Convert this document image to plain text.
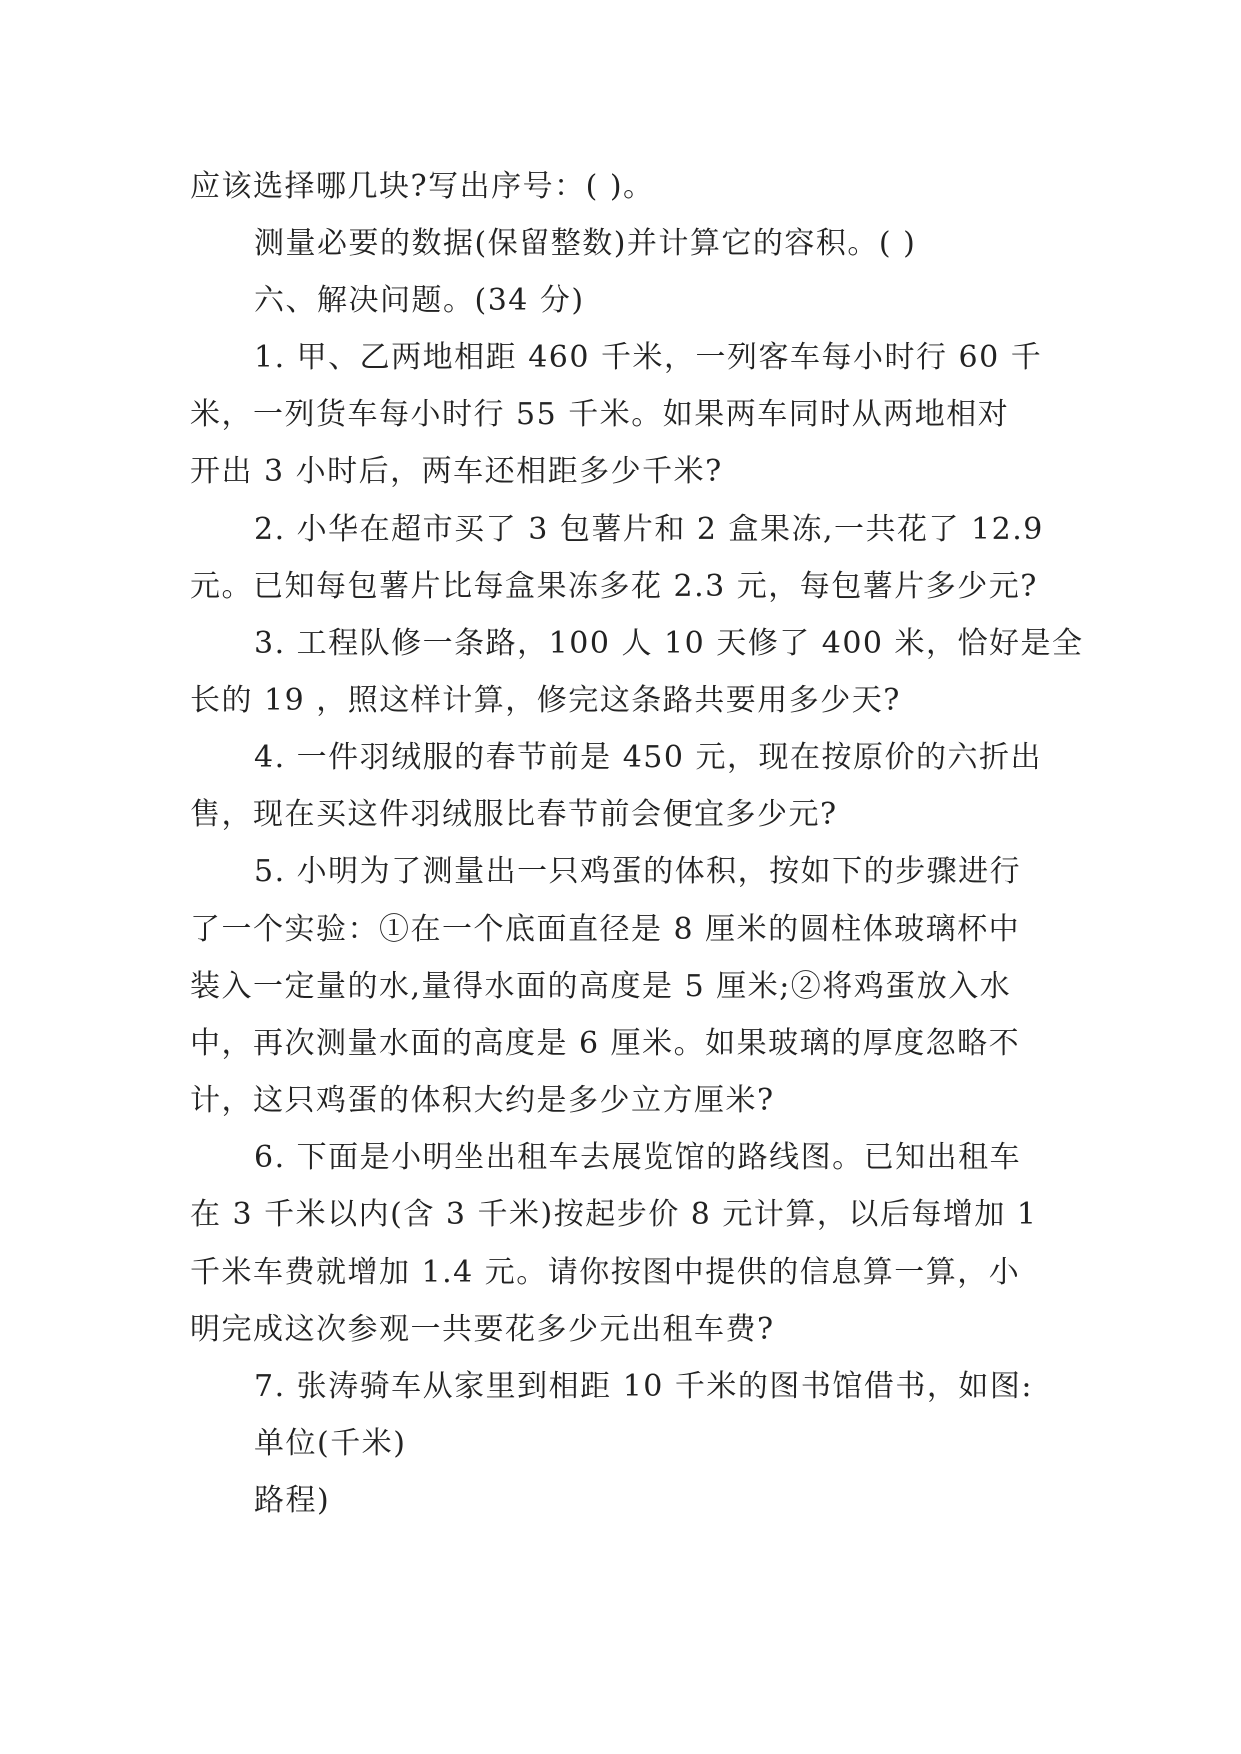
应该选择哪几块?写出序号：( )。
测量必要的数据(保留整数)并计算它的容积。( )
六、解决问题。(34 分)
1. 甲、乙两地相距 460 千米，一列客车每小时行 60 千
米，一列货车每小时行 55 千米。如果两车同时从两地相对
开出 3 小时后，两车还相距多少千米?
2. 小华在超市买了 3 包薯片和 2 盒果冻,一共花了 12.9
元。已知每包薯片比每盒果冻多花 2.3 元，每包薯片多少元?
3. 工程队修一条路，100 人 10 天修了 400 米，恰好是全
长的 19 ，照这样计算，修完这条路共要用多少天?
4. 一件羽绒服的春节前是 450 元，现在按原价的六折出
售，现在买这件羽绒服比春节前会便宜多少元?
5. 小明为了测量出一只鸡蛋的体积，按如下的步骤进行
了一个实验：①在一个底面直径是 8 厘米的圆柱体玻璃杯中
装入一定量的水,量得水面的高度是 5 厘米;②将鸡蛋放入水
中，再次测量水面的高度是 6 厘米。如果玻璃的厚度忽略不
计，这只鸡蛋的体积大约是多少立方厘米?
6. 下面是小明坐出租车去展览馆的路线图。已知出租车
在 3 千米以内(含 3 千米)按起步价 8 元计算，以后每增加 1
千米车费就增加 1.4 元。请你按图中提供的信息算一算，小
明完成这次参观一共要花多少元出租车费?
7. 张涛骑车从家里到相距 10 千米的图书馆借书，如图:
单位(千米)
路程)
